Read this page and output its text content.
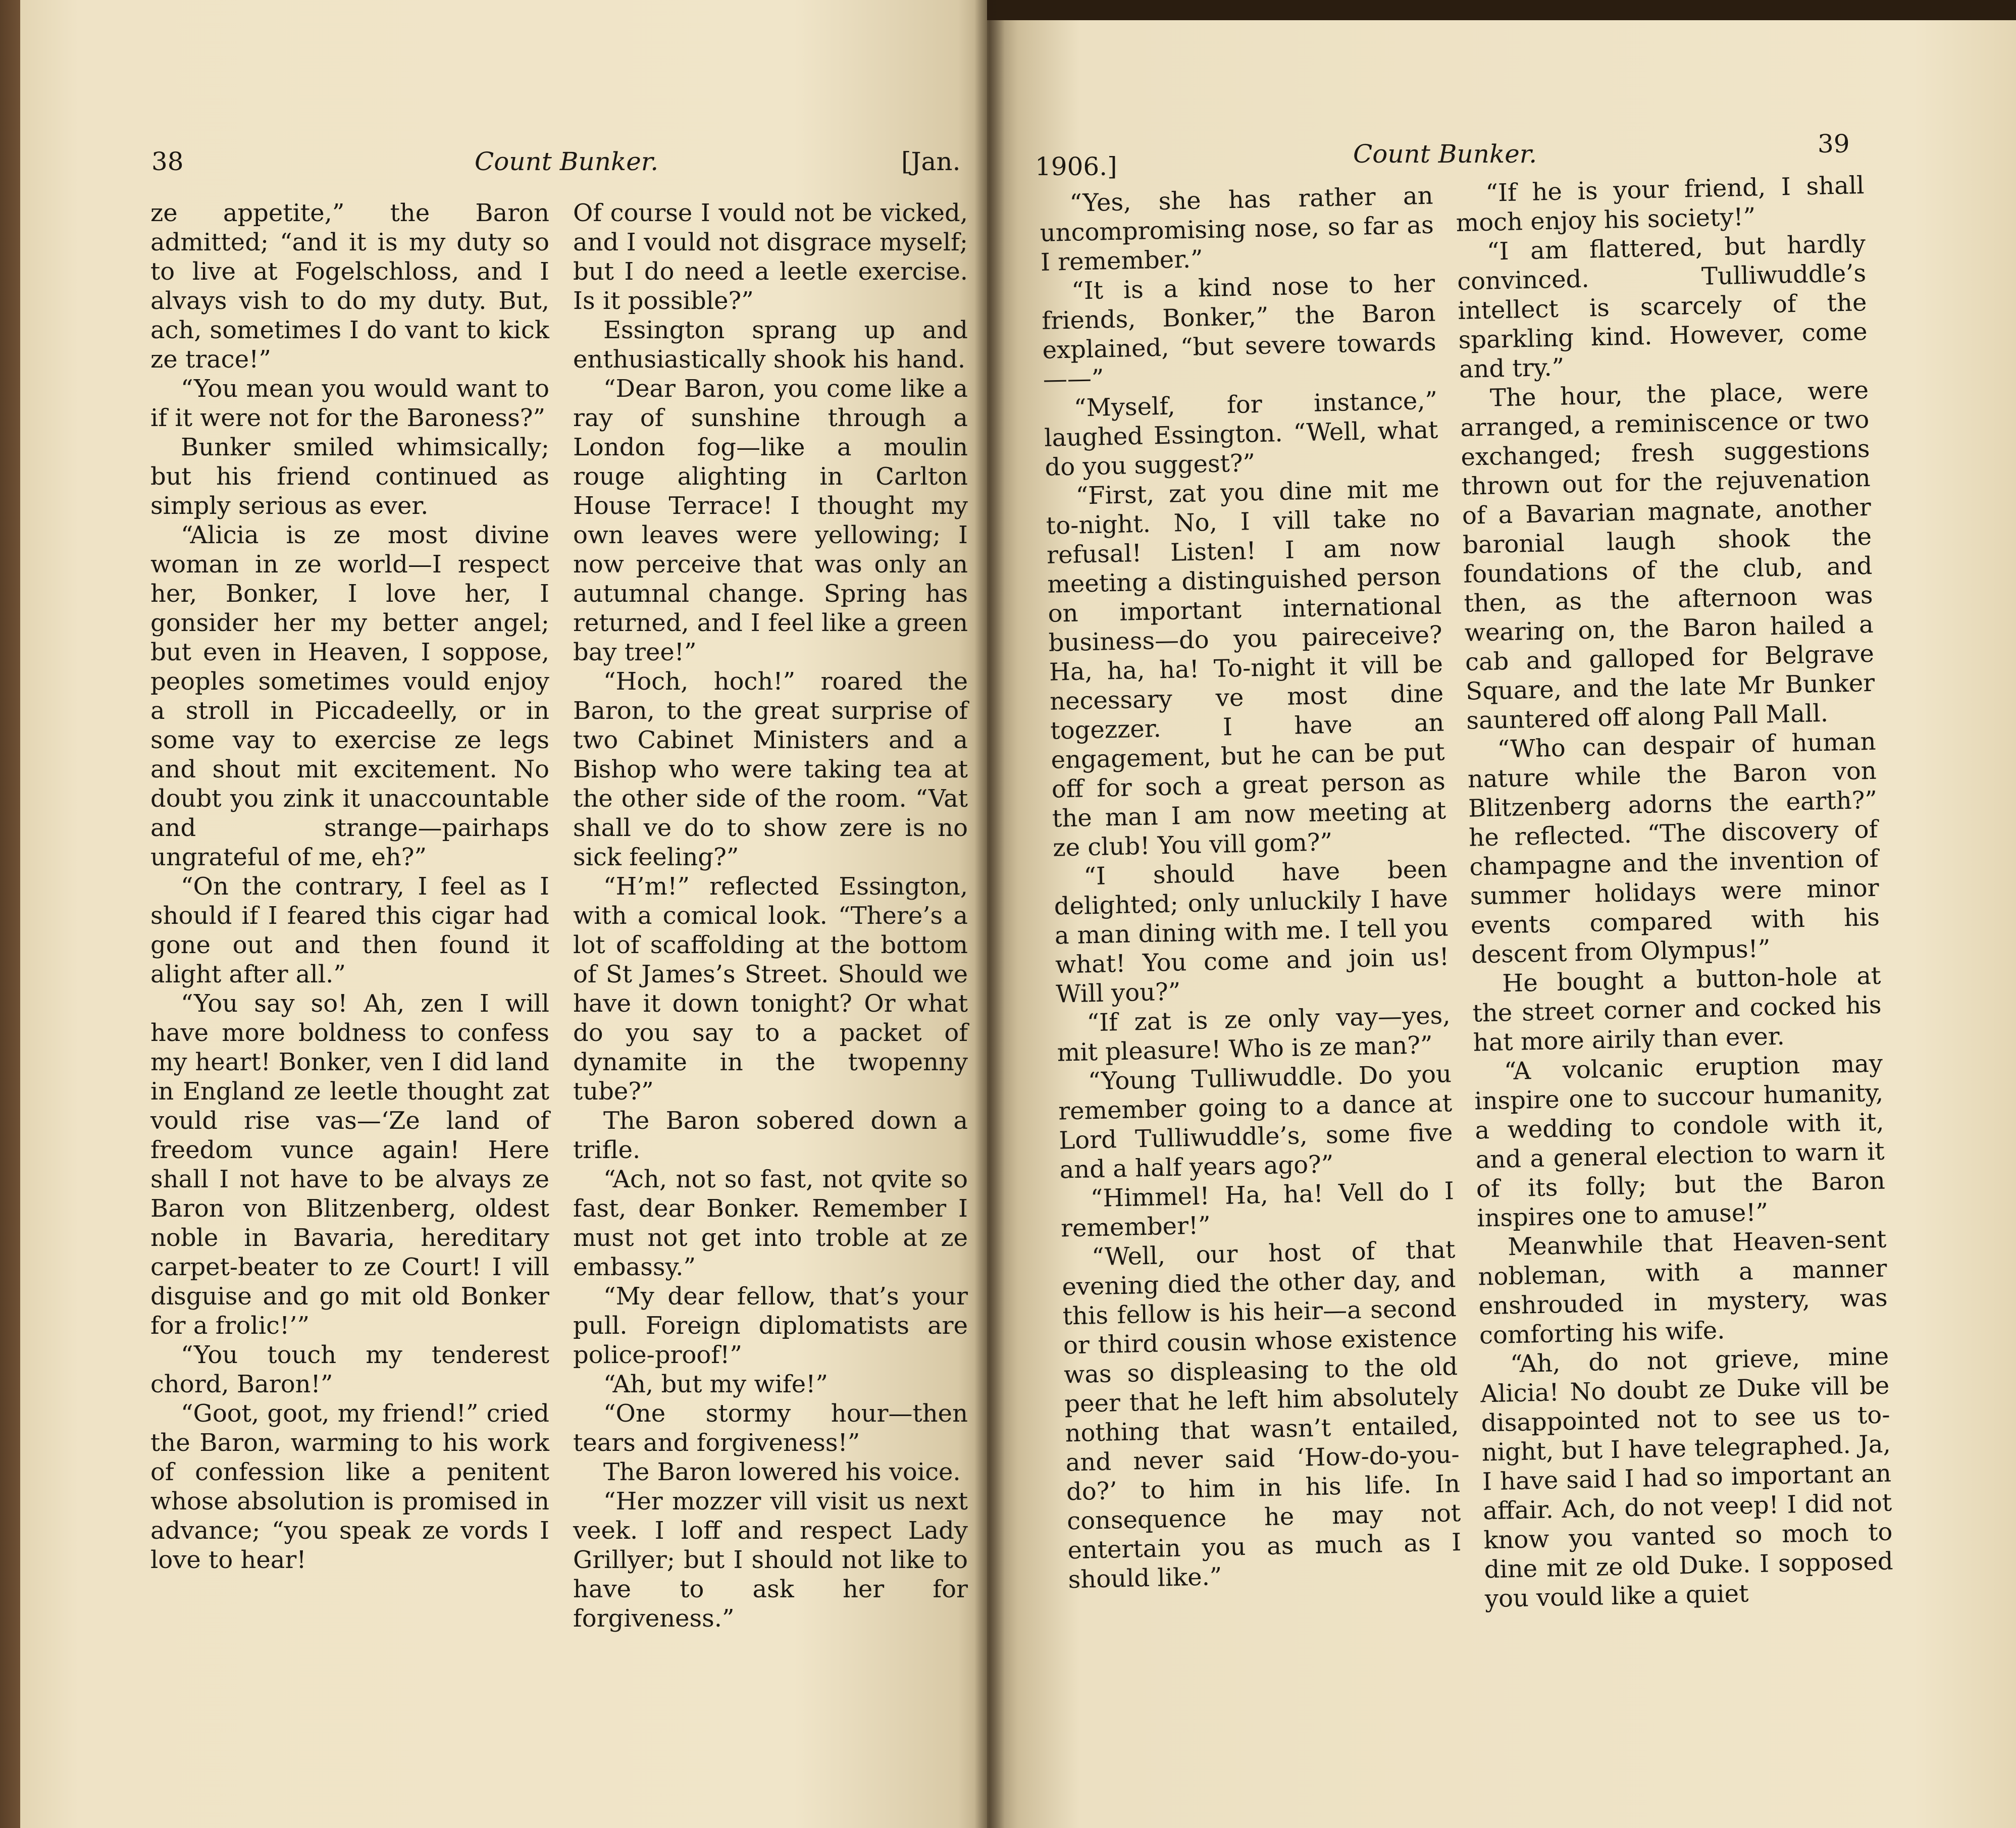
38	Count Bunker.	[Jan.	1906.]	Count Bunker.	39

ze appetite,” the Baron admitted; “and it is my duty so to live at Fogelschloss, and I alvays vish to do my duty. But, ach, sometimes I do vant to kick ze trace!”

“You mean you would want to if it were not for the Baroness?”

Bunker smiled whimsically; but his friend continued as simply serious as ever.

“Alicia is ze most divine woman in ze world—I respect her, Bonker, I love her, I gonsider her my better angel; but even in Heaven, I soppose, peoples sometimes vould enjoy a stroll in Piccadeelly, or in some vay to exercise ze legs and shout mit excitement. No doubt you zink it unaccountable and strange—pairhaps ungrateful of me, eh?”

“On the contrary, I feel as I should if I feared this cigar had gone out and then found it alight after all.”

“You say so! Ah, zen I will have more boldness to confess my heart! Bonker, ven I did land in England ze leetle thought zat vould rise vas—‘Ze land of freedom vunce again! Here shall I not have to be alvays ze Baron von Blitzenberg, oldest noble in Bavaria, hereditary carpet-beater to ze Court! I vill disguise and go mit old Bonker for a frolic!’”

“You touch my tenderest chord, Baron!”

“Goot, goot, my friend!” cried the Baron, warming to his work of confession like a penitent whose absolution is promised in advance; “you speak ze vords I love to hear!

Of course I vould not be vicked, and I vould not disgrace myself; but I do need a leetle exercise. Is it possible?”

Essington sprang up and enthusiastically shook his hand.

“Dear Baron, you come like a ray of sunshine through a London fog—like a moulin rouge alighting in Carlton House Terrace! I thought my own leaves were yellowing; I now perceive that was only an autumnal change. Spring has returned, and I feel like a green bay tree!”

“Hoch, hoch!” roared the Baron, to the great surprise of two Cabinet Ministers and a Bishop who were taking tea at the other side of the room. “Vat shall ve do to show zere is no sick feeling?”

“H’m!” reflected Essington, with a comical look. “There’s a lot of scaffolding at the bottom of St James’s Street. Should we have it down tonight? Or what do you say to a packet of dynamite in the twopenny tube?”

The Baron sobered down a trifle.

“Ach, not so fast, not qvite so fast, dear Bonker. Remember I must not get into troble at ze embassy.”

“My dear fellow, that’s your pull. Foreign diplomatists are police-proof!”

“Ah, but my wife!”

“One stormy hour—then tears and forgiveness!”

The Baron lowered his voice.

“Her mozzer vill visit us next veek. I loff and respect Lady Grillyer; but I should not like to have to ask her for forgiveness.”

“Yes, she has rather an uncompromising nose, so far as I remember.”

“It is a kind nose to her friends, Bonker,” the Baron explained, “but severe towards——”

“Myself, for instance,” laughed Essington. “Well, what do you suggest?”

“First, zat you dine mit me to-night. No, I vill take no refusal! Listen! I am now meeting a distinguished person on important international business—do you paireceive? Ha, ha, ha! To-night it vill be necessary ve most dine togezzer. I have an engagement, but he can be put off for soch a great person as the man I am now meeting at ze club! You vill gom?”

“I should have been delighted; only unluckily I have a man dining with me. I tell you what! You come and join us! Will you?”

“If zat is ze only vay—yes, mit pleasure! Who is ze man?”

“Young Tulliwuddle. Do you remember going to a dance at Lord Tulliwuddle’s, some five and a half years ago?”

“Himmel! Ha, ha! Vell do I remember!”

“Well, our host of that evening died the other day, and this fellow is his heir—a second or third cousin whose existence was so displeasing to the old peer that he left him absolutely nothing that wasn’t entailed, and never said ‘How-do-you-do?’ to him in his life. In consequence he may not entertain you as much as I should like.”

“If he is your friend, I shall moch enjoy his society!”

“I am flattered, but hardly convinced. Tulliwuddle’s intellect is scarcely of the sparkling kind. However, come and try.”

The hour, the place, were arranged, a reminiscence or two exchanged; fresh suggestions thrown out for the rejuvenation of a Bavarian magnate, another baronial laugh shook the foundations of the club, and then, as the afternoon was wearing on, the Baron hailed a cab and galloped for Belgrave Square, and the late Mr Bunker sauntered off along Pall Mall.

“Who can despair of human nature while the Baron von Blitzenberg adorns the earth?” he reflected. “The discovery of champagne and the invention of summer holidays were minor events compared with his descent from Olympus!”

He bought a button-hole at the street corner and cocked his hat more airily than ever.

“A volcanic eruption may inspire one to succour humanity, a wedding to condole with it, and a general election to warn it of its folly; but the Baron inspires one to amuse!”

Meanwhile that Heaven-sent nobleman, with a manner enshrouded in mystery, was comforting his wife.

“Ah, do not grieve, mine Alicia! No doubt ze Duke vill be disappointed not to see us to-night, but I have telegraphed. Ja, I have said I had so important an affair. Ach, do not veep! I did not know you vanted so moch to dine mit ze old Duke. I sopposed you vould like a quiet
